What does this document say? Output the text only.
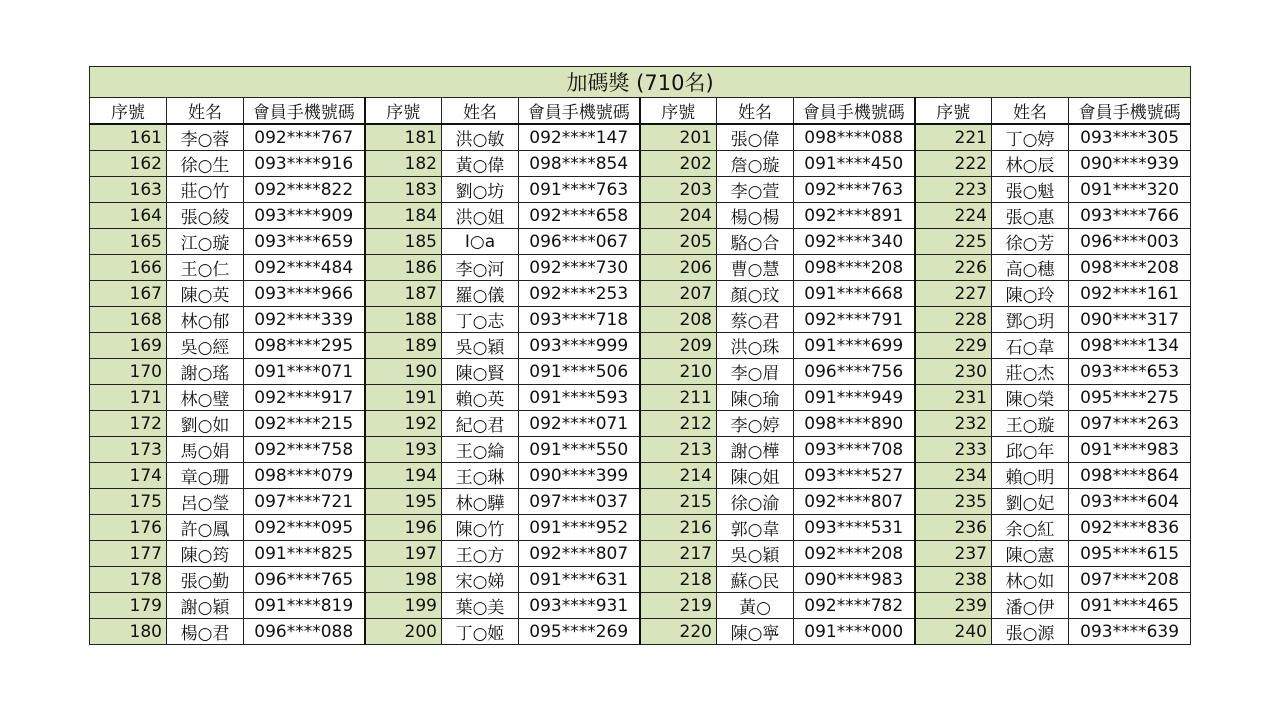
加碼獎 (710名)											
序號	姓名	會員手機號碼	序號	姓名	會員手機號碼	序號	姓名	會員手機號碼	序號	姓名	會員手機號碼
161	李○蓉	092****767	181	洪○敏	092****147	201	張○偉	098****088	221	丁○婷	093****305
162	徐○生	093****916	182	黃○偉	098****854	202	詹○璇	091****450	222	林○辰	090****939
163	莊○竹	092****822	183	劉○坊	091****763	203	李○萱	092****763	223	張○魁	091****320
164	張○綾	093****909	184	洪○姐	092****658	204	楊○楊	092****891	224	張○惠	093****766
165	江○璇	093****659	185	I○a	096****067	205	駱○合	092****340	225	徐○芳	096****003
166	王○仁	092****484	186	李○河	092****730	206	曹○慧	098****208	226	高○穗	098****208
167	陳○英	093****966	187	羅○儀	092****253	207	顏○玟	091****668	227	陳○玲	092****161
168	林○郁	092****339	188	丁○志	093****718	208	蔡○君	092****791	228	鄧○玥	090****317
169	吳○經	098****295	189	吳○穎	093****999	209	洪○珠	091****699	229	石○韋	098****134
170	謝○瑤	091****071	190	陳○賢	091****506	210	李○眉	096****756	230	莊○杰	093****653
171	林○璧	092****917	191	賴○英	091****593	211	陳○瑜	091****949	231	陳○榮	095****275
172	劉○如	092****215	192	紀○君	092****071	212	李○婷	098****890	232	王○璇	097****263
173	馬○娟	092****758	193	王○綸	091****550	213	謝○樺	093****708	233	邱○年	091****983
174	章○珊	098****079	194	王○琳	090****399	214	陳○姐	093****527	234	賴○明	098****864
175	呂○瑩	097****721	195	林○驊	097****037	215	徐○渝	092****807	235	劉○妃	093****604
176	許○鳳	092****095	196	陳○竹	091****952	216	郭○韋	093****531	236	余○紅	092****836
177	陳○筠	091****825	197	王○方	092****807	217	吳○穎	092****208	237	陳○憲	095****615
178	張○勤	096****765	198	宋○娣	091****631	218	蘇○民	090****983	238	林○如	097****208
179	謝○穎	091****819	199	葉○美	093****931	219	黃○	092****782	239	潘○伊	091****465
180	楊○君	096****088	200	丁○姬	095****269	220	陳○寧	091****000	240	張○源	093****639
